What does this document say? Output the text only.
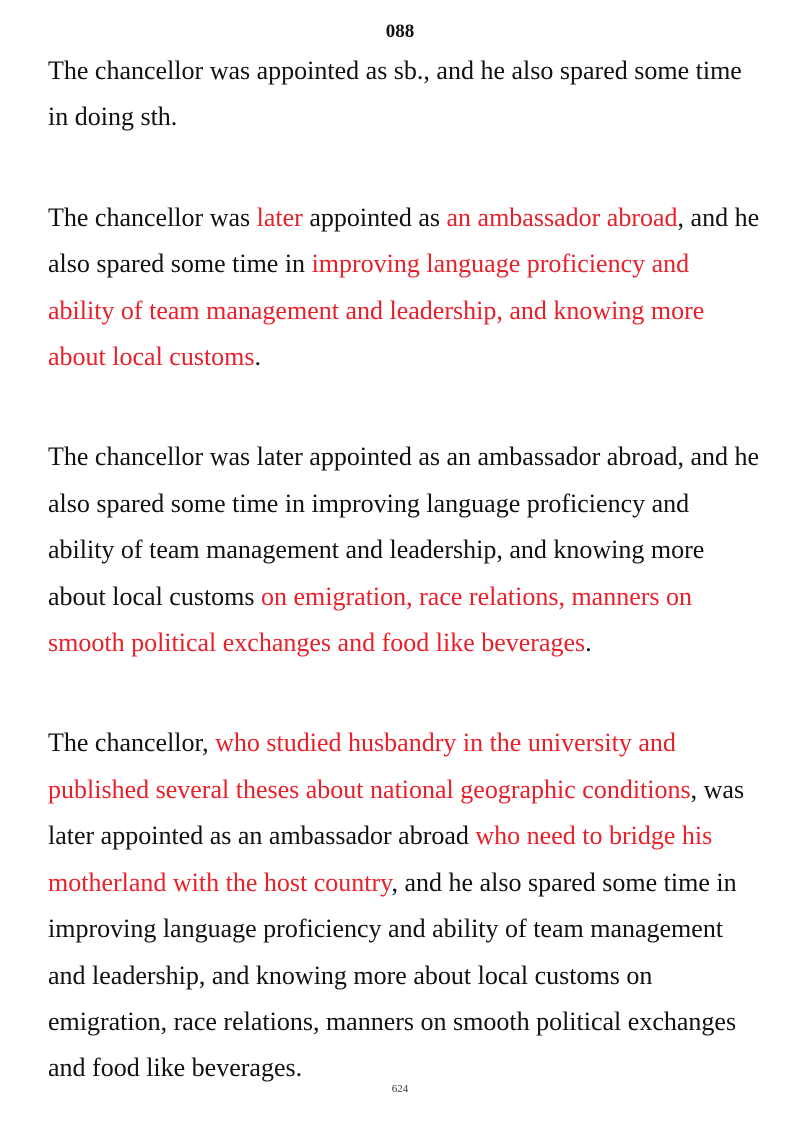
088

The chancellor was appointed as sb., and he also spared some time in doing sth.

The chancellor was later appointed as an ambassador abroad, and he also spared some time in improving language proficiency and ability of team management and leadership, and knowing more about local customs.

The chancellor was later appointed as an ambassador abroad, and he also spared some time in improving language proficiency and ability of team management and leadership, and knowing more about local customs on emigration, race relations, manners on smooth political exchanges and food like beverages.

The chancellor, who studied husbandry in the university and published several theses about national geographic conditions, was later appointed as an ambassador abroad who need to bridge his motherland with the host country, and he also spared some time in improving language proficiency and ability of team management and leadership, and knowing more about local customs on emigration, race relations, manners on smooth political exchanges and food like beverages.

624
